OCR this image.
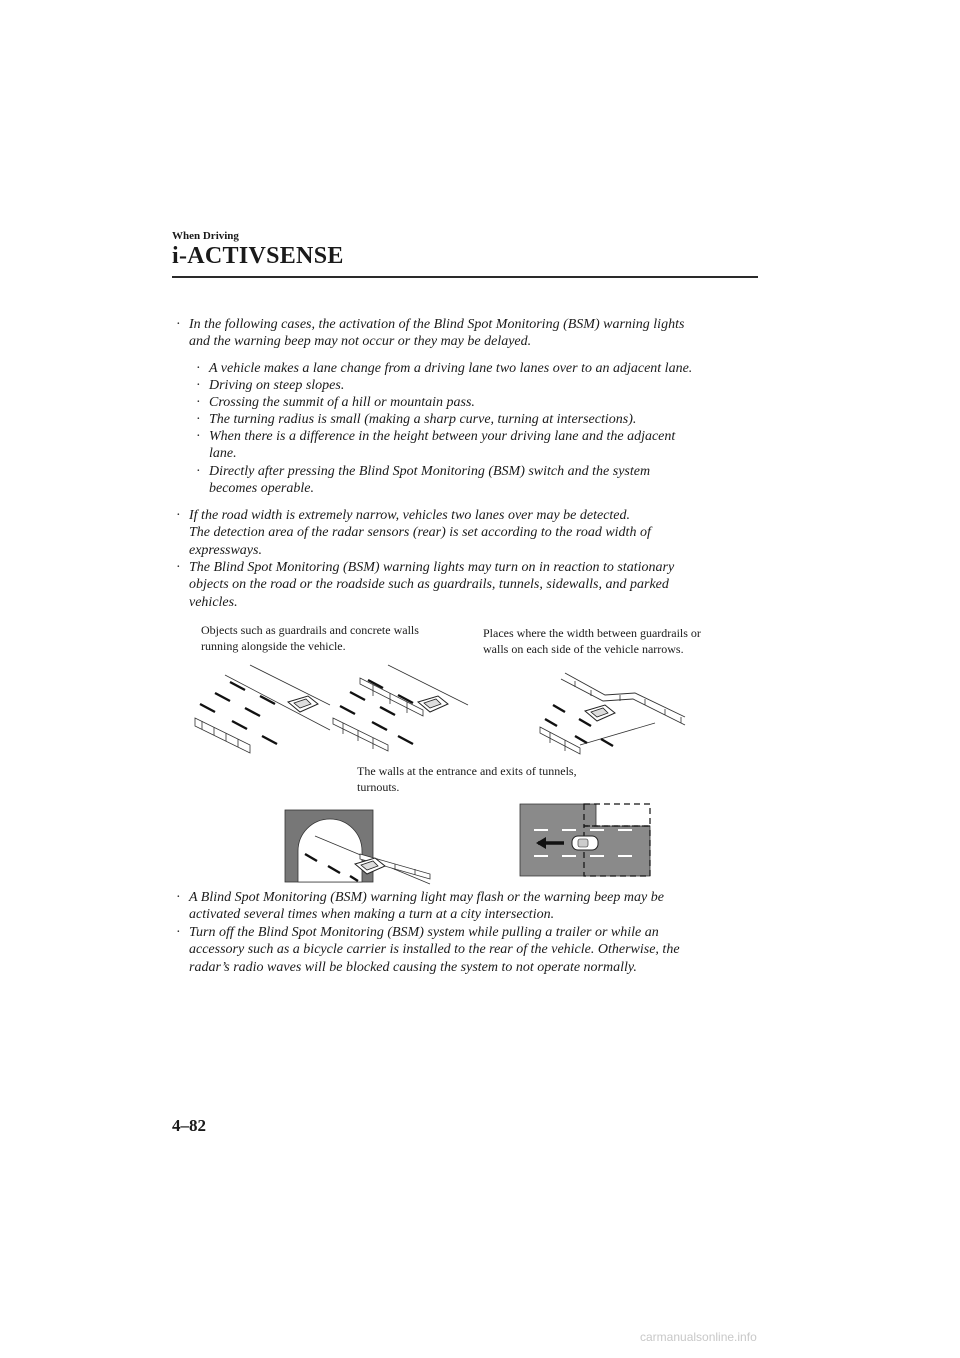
When Driving
i-ACTIVSENSE
· In the following cases, the activation of the Blind Spot Monitoring (BSM) warning lights
and the warning beep may not occur or they may be delayed.
· A vehicle makes a lane change from a driving lane two lanes over to an adjacent lane.
· Driving on steep slopes.
· Crossing the summit of a hill or mountain pass.
· The turning radius is small (making a sharp curve, turning at intersections).
· When there is a difference in the height between your driving lane and the adjacent
lane.
· Directly after pressing the Blind Spot Monitoring (BSM) switch and the system
becomes operable.
· If the road width is extremely narrow, vehicles two lanes over may be detected.
The detection area of the radar sensors (rear) is set according to the road width of
expressways.
· The Blind Spot Monitoring (BSM) warning lights may turn on in reaction to stationary
objects on the road or the roadside such as guardrails, tunnels, sidewalls, and parked
vehicles.
Objects such as guardrails and concrete walls
running alongside the vehicle.
Places where the width between guardrails or
walls on each side of the vehicle narrows.
The walls at the entrance and exits of tunnels,
turnouts.
· A Blind Spot Monitoring (BSM) warning light may flash or the warning beep may be
activated several times when making a turn at a city intersection.
· Turn off the Blind Spot Monitoring (BSM) system while pulling a trailer or while an
accessory such as a bicycle carrier is installed to the rear of the vehicle. Otherwise, the
radar’s radio waves will be blocked causing the system to not operate normally.
4–82
carmanualsonline.info
